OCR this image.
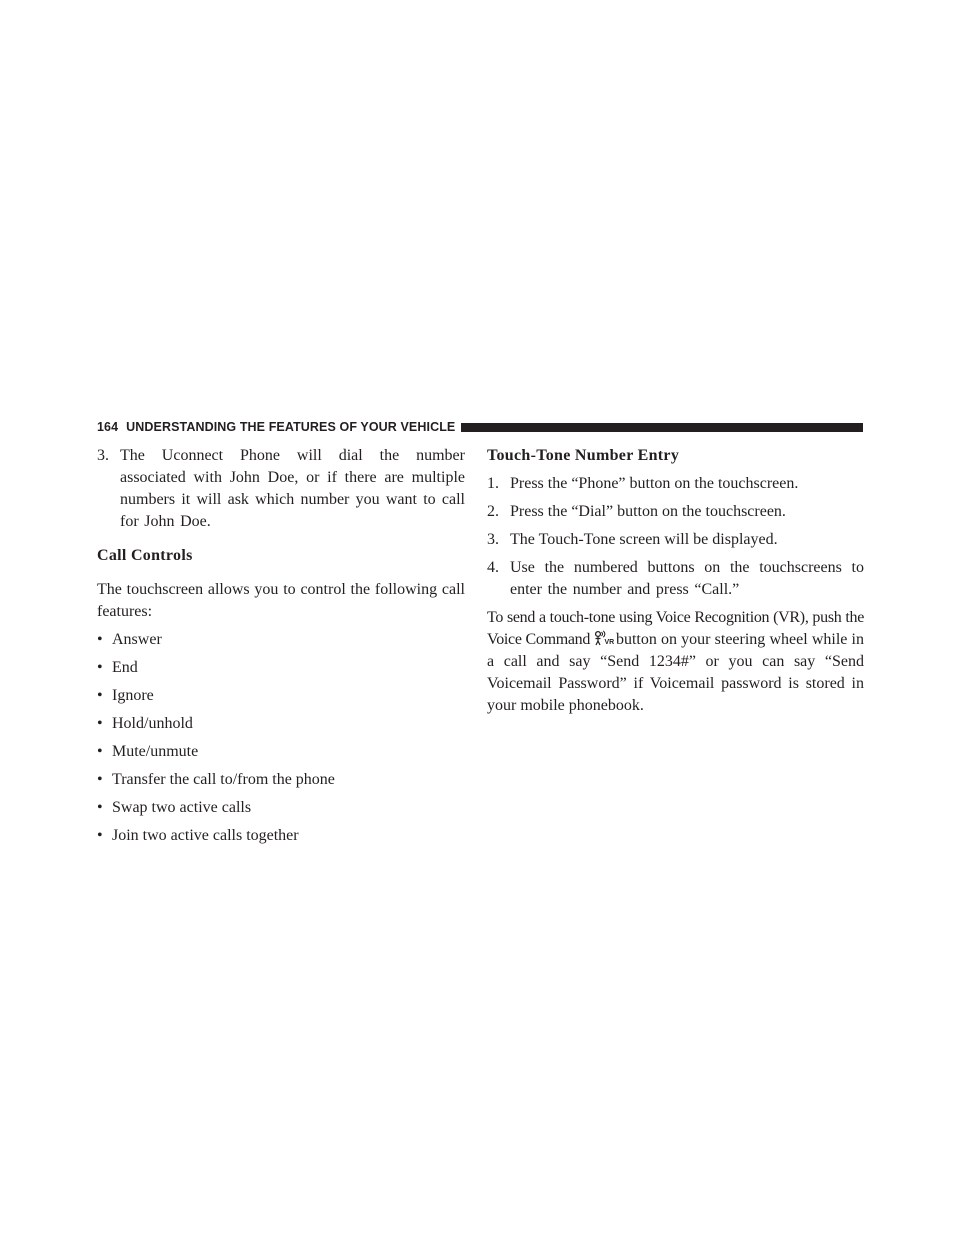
164 UNDERSTANDING THE FEATURES OF YOUR VEHICLE

3. The Uconnect Phone will dial the number associated with John Doe, or if there are multiple numbers it will ask which number you want to call for John Doe.

Call Controls

The touchscreen allows you to control the following call features:

• Answer
• End
• Ignore
• Hold/unhold
• Mute/unmute
• Transfer the call to/from the phone
• Swap two active calls
• Join two active calls together

Touch-Tone Number Entry

1. Press the “Phone” button on the touchscreen.

2. Press the “Dial” button on the touchscreen.

3. The Touch-Tone screen will be displayed.

4. Use the numbered buttons on the touchscreens to enter the number and press “Call.”

To send a touch-tone using Voice Recognition (VR), push the Voice Command VR button on your steering wheel while in a call and say “Send 1234#” or you can say “Send Voicemail Password” if Voicemail password is stored in your mobile phonebook.
